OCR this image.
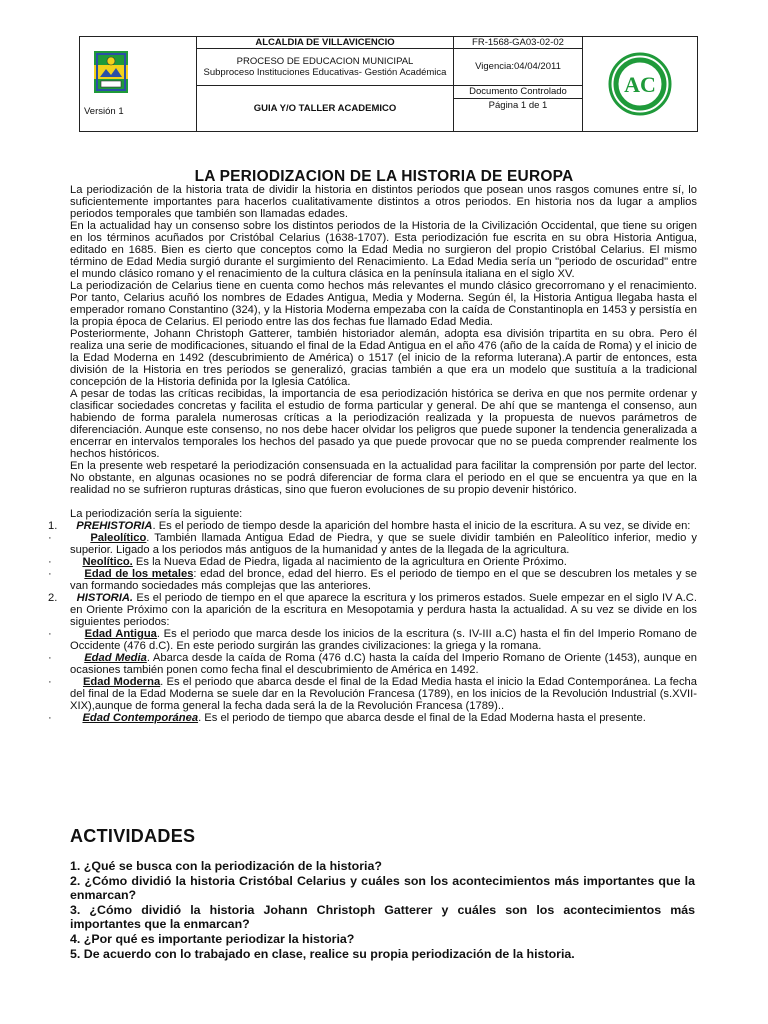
Versión 1	ALCALDIA DE VILLAVICENCIO	FR-1568-GA03-02-02	AC

	PROCESO DE EDUCACION MUNICIPAL
Subproceso Instituciones Educativas- Gestión Académica	Vigencia:04/04/2011	
	GUIA Y/O TALLER ACADEMICO	Documento Controlado
Página 1 de 1	
LA PERIODIZACION DE LA HISTORIA DE EUROPA

La periodización de la historia trata de dividir la historia en distintos periodos que posean unos rasgos comunes entre sí, lo suficientemente importantes para hacerlos cualitativamente distintos a otros periodos. En historia nos da lugar a amplios periodos temporales que también son llamadas edades.

En la actualidad hay un consenso sobre los distintos periodos de la Historia de la Civilización Occidental, que tiene su origen en los términos acuñados por Cristóbal Celarius (1638-1707). Esta periodización fue escrita en su obra Historia Antigua, editado en 1685. Bien es cierto que conceptos como la Edad Media no surgieron del propio Cristóbal Celarius. El mismo término de Edad Media surgió durante el surgimiento del Renacimiento. La Edad Media sería un "periodo de oscuridad" entre el mundo clásico romano y el renacimiento de la cultura clásica en la península italiana en el siglo XV.

La periodización de Celarius tiene en cuenta como hechos más relevantes el mundo clásico grecorromano y el renacimiento. Por tanto, Celarius acuñó los nombres de Edades Antigua, Media y Moderna. Según él, la Historia Antigua llegaba hasta el emperador romano Constantino (324), y la Historia Moderna empezaba con la caída de Constantinopla en 1453 y persistía en la propia época de Celarius. El periodo entre las dos fechas fue llamado Edad Media.

Posteriormente, Johann Christoph Gatterer, también historiador alemán, adopta esa división tripartita en su obra. Pero él realiza una serie de modificaciones, situando el final de la Edad Antigua en el año 476 (año de la caída de Roma) y el inicio de la Edad Moderna en 1492 (descubrimiento de América) o 1517 (el inicio de la reforma luterana).A partir de entonces, esta división de la Historia en tres periodos se generalizó, gracias también a que era un modelo que sustituía a la tradicional concepción de la Historia definida por la Iglesia Católica.

A pesar de todas las críticas recibidas, la importancia de esa periodización histórica se deriva en que nos permite ordenar y clasificar sociedades concretas y facilita el estudio de forma particular y general. De ahí que se mantenga el consenso, aun habiendo de forma paralela numerosas críticas a la periodización realizada y la propuesta de nuevos parámetros de diferenciación. Aunque este consenso, no nos debe hacer olvidar los peligros que puede suponer la tendencia generalizada a encerrar en intervalos temporales los hechos del pasado ya que puede provocar que no se pueda comprender realmente los hechos históricos.

En la presente web respetaré la periodización consensuada en la actualidad para facilitar la comprensión por parte del lector. No obstante, en algunas ocasiones no se podrá diferenciar de forma clara el periodo en el que se encuentra ya que en la realidad no se sufrieron rupturas drásticas, sino que fueron evoluciones de su propio devenir histórico.

La periodización sería la siguiente:

1. PREHISTORIA. Es el periodo de tiempo desde la aparición del hombre hasta el inicio de la escritura. A su vez, se divide en:

·	Paleolítico. También llamada Antigua Edad de Piedra, y que se suele dividir también en Paleolítico inferior, medio y superior. Ligado a los periodos más antiguos de la humanidad y antes de la llegada de la agricultura.

·	Neolítico. Es la Nueva Edad de Piedra, ligada al nacimiento de la agricultura en Oriente Próximo.

·	Edad de los metales: edad del bronce, edad del hierro. Es el periodo de tiempo en el que se descubren los metales y se van formando sociedades más complejas que las anteriores.

2. HISTORIA. Es el periodo de tiempo en el que aparece la escritura y los primeros estados. Suele empezar en el siglo IV A.C. en Oriente Próximo con la aparición de la escritura en Mesopotamia y perdura hasta la actualidad. A su vez se divide en los siguientes periodos:

·	Edad Antigua. Es el periodo que marca desde los inicios de la escritura (s. IV-III a.C) hasta el fin del Imperio Romano de Occidente (476 d.C). En este periodo surgirán las grandes civilizaciones: la griega y la romana.

·	Edad Media. Abarca desde la caída de Roma (476 d.C) hasta la caída del Imperio Romano de Oriente (1453), aunque en ocasiones también ponen como fecha final el descubrimiento de América en 1492.

·	Edad Moderna. Es el periodo que abarca desde el final de la Edad Media hasta el inicio la Edad Contemporánea. La fecha del final de la Edad Moderna se suele dar en la Revolución Francesa (1789), en los inicios de la Revolución Industrial (s.XVII-XIX),aunque de forma general la fecha dada será la de la Revolución Francesa (1789)..

·	Edad Contemporánea. Es el periodo de tiempo que abarca desde el final de la Edad Moderna hasta el presente.

ACTIVIDADES

1. ¿Qué se busca con la periodización de la historia?

2. ¿Cómo dividió la historia Cristóbal Celarius y cuáles son los acontecimientos más importantes que la enmarcan?

3. ¿Cómo dividió la historia Johann Christoph Gatterer y cuáles son los acontecimientos más importantes que la enmarcan?

4. ¿Por qué es importante periodizar la historia?

5. De acuerdo con lo trabajado en clase, realice su propia periodización de la historia.
